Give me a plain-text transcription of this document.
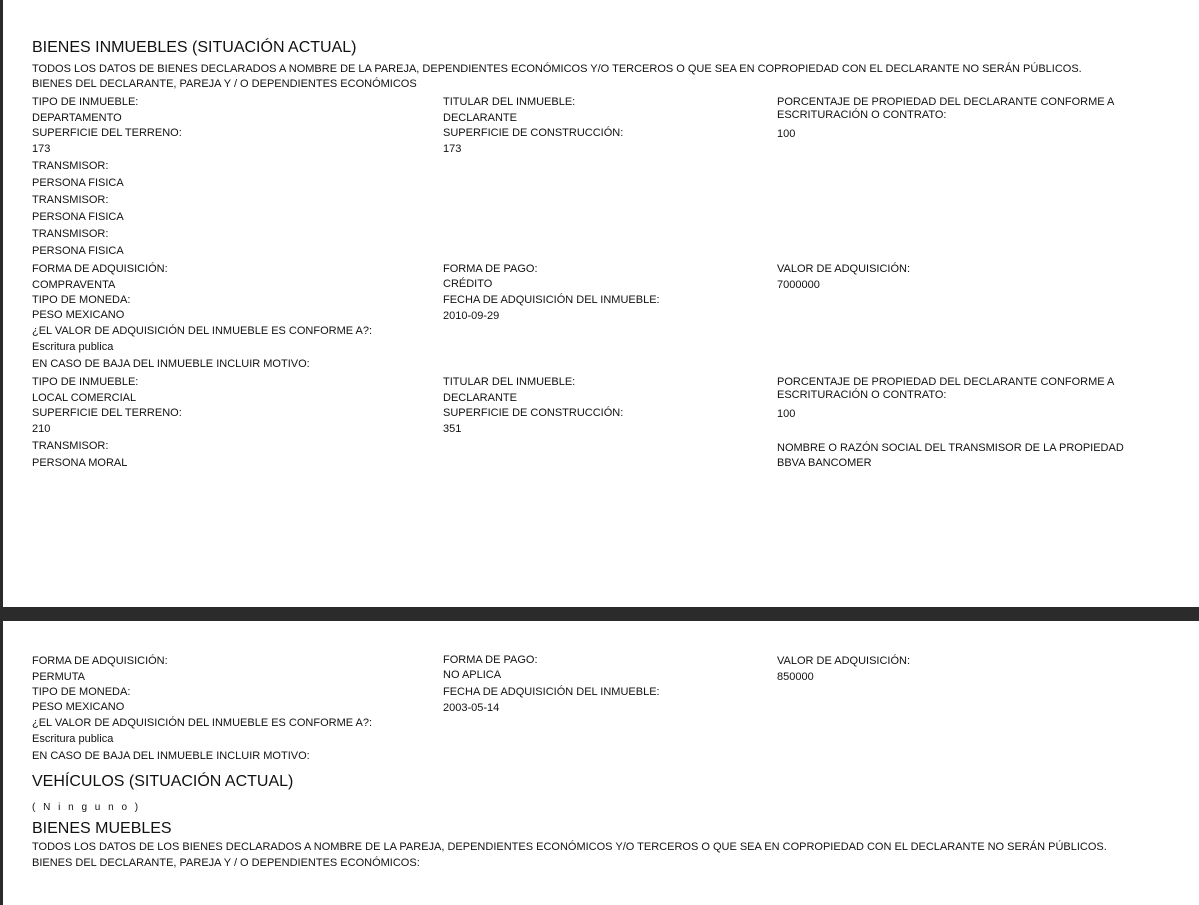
BIENES INMUEBLES (SITUACIÓN ACTUAL)
TODOS LOS DATOS DE BIENES DECLARADOS A NOMBRE DE LA PAREJA, DEPENDIENTES ECONÓMICOS Y/O TERCEROS O QUE SEA EN COPROPIEDAD CON EL DECLARANTE NO SERÁN PÚBLICOS.
BIENES DEL DECLARANTE, PAREJA Y / O DEPENDIENTES ECONÓMICOS
TIPO DE INMUEBLE:
DEPARTAMENTO
TITULAR DEL INMUEBLE:
DECLARANTE
PORCENTAJE DE PROPIEDAD DEL DECLARANTE CONFORME A ESCRITURACIÓN O CONTRATO:
100
SUPERFICIE DEL TERRENO:
173
SUPERFICIE DE CONSTRUCCIÓN:
173
TRANSMISOR:
PERSONA FISICA
TRANSMISOR:
PERSONA FISICA
TRANSMISOR:
PERSONA FISICA
FORMA DE ADQUISICIÓN:
COMPRAVENTA
FORMA DE PAGO:
CRÉDITO
VALOR DE ADQUISICIÓN:
7000000
TIPO DE MONEDA:
PESO MEXICANO
FECHA DE ADQUISICIÓN DEL INMUEBLE:
2010-09-29
¿EL VALOR DE ADQUISICIÓN DEL INMUEBLE ES CONFORME A?:
Escritura publica
EN CASO DE BAJA DEL INMUEBLE INCLUIR MOTIVO:
TIPO DE INMUEBLE:
LOCAL COMERCIAL
TITULAR DEL INMUEBLE:
DECLARANTE
PORCENTAJE DE PROPIEDAD DEL DECLARANTE CONFORME A ESCRITURACIÓN O CONTRATO:
100
SUPERFICIE DEL TERRENO:
210
SUPERFICIE DE CONSTRUCCIÓN:
351
TRANSMISOR:
PERSONA MORAL
NOMBRE O RAZÓN SOCIAL DEL TRANSMISOR DE LA PROPIEDAD
BBVA BANCOMER
FORMA DE ADQUISICIÓN:
PERMUTA
FORMA DE PAGO:
NO APLICA
VALOR DE ADQUISICIÓN:
850000
TIPO DE MONEDA:
PESO MEXICANO
FECHA DE ADQUISICIÓN DEL INMUEBLE:
2003-05-14
¿EL VALOR DE ADQUISICIÓN DEL INMUEBLE ES CONFORME A?:
Escritura publica
EN CASO DE BAJA DEL INMUEBLE INCLUIR MOTIVO:
VEHÍCULOS (SITUACIÓN ACTUAL)
( N i n g u n o )
BIENES MUEBLES
TODOS LOS DATOS DE LOS BIENES DECLARADOS A NOMBRE DE LA PAREJA, DEPENDIENTES ECONÓMICOS Y/O TERCEROS O QUE SEA EN COPROPIEDAD CON EL DECLARANTE NO SERÁN PÚBLICOS.
BIENES DEL DECLARANTE, PAREJA Y / O DEPENDIENTES ECONÓMICOS:
